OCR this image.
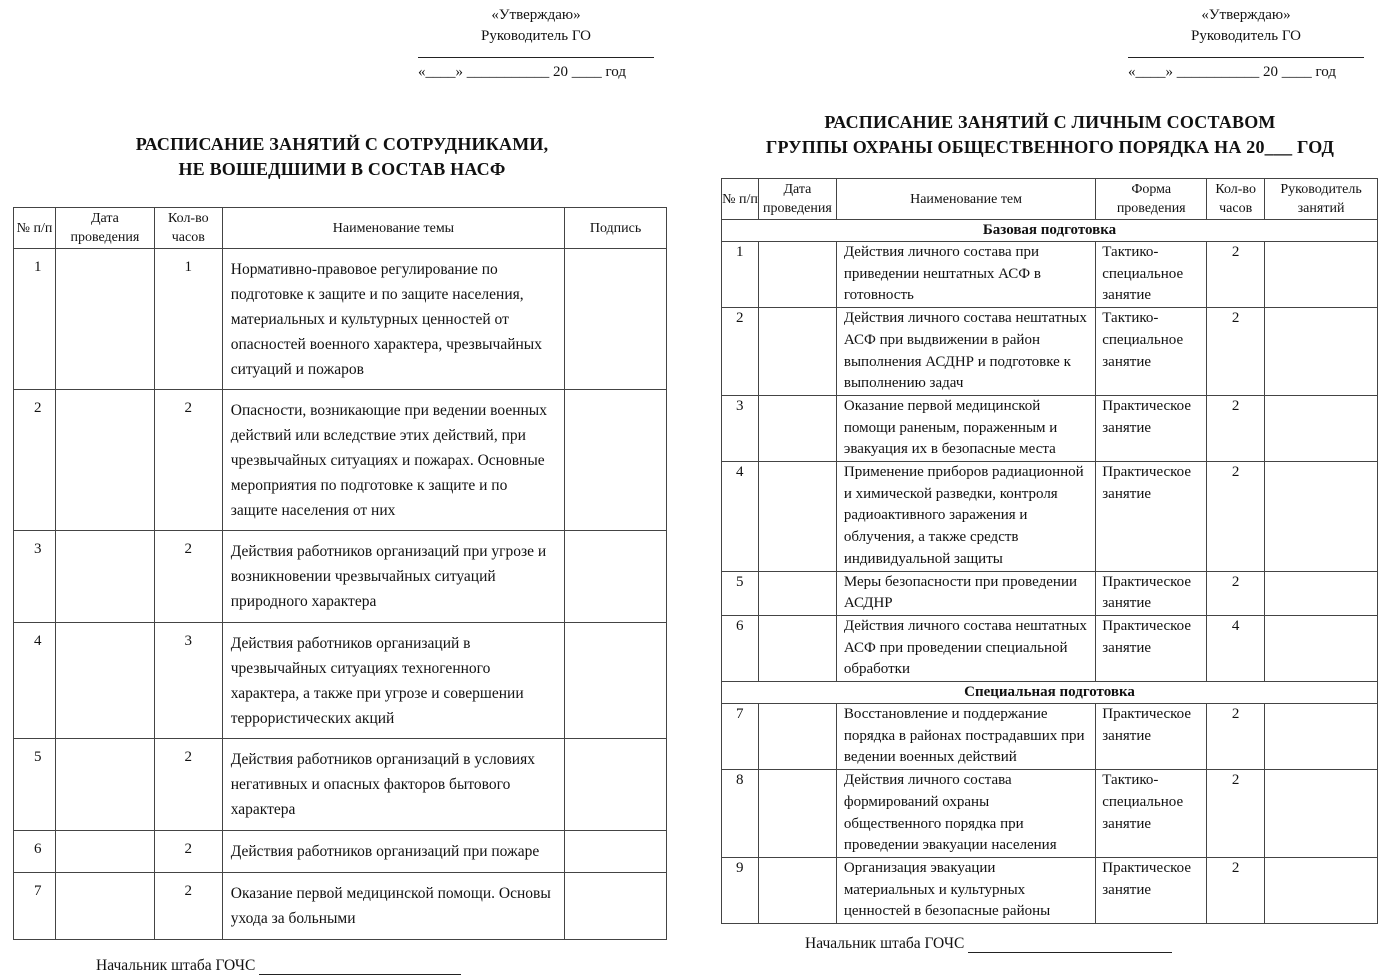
«Утверждаю»
Руководитель ГО
«____» ___________ 20 ____ год
РАСПИСАНИЕ ЗАНЯТИЙ С СОТРУДНИКАМИ,
НЕ ВОШЕДШИМИ В СОСТАВ НАСФ
№ п/п	Дата проведения	Кол-во часов	Наименование темы	Подпись
1		1	Нормативно-правовое регулирование по подготовке к защите и по защите населения, материальных и культурных ценностей от опасностей военного характера, чрезвычайных ситуаций и пожаров	
2		2	Опасности, возникающие при ведении военных действий или вследствие этих действий, при чрезвычайных ситуациях и пожарах. Основные мероприятия по подготовке к защите и по защите населения от них	
3		2	Действия работников организаций при угрозе и возникновении чрезвычайных ситуаций природного характера	
4		3	Действия работников организаций в чрезвычайных ситуациях техногенного характера, а также при угрозе и совершении террористических акций	
5		2	Действия работников организаций в условиях негативных и опасных факторов бытового характера	
6		2	Действия работников организаций при пожаре	
7		2	Оказание первой медицинской помощи. Основы ухода за больными	
Начальник штаба ГОЧС
«Утверждаю»
Руководитель ГО
«____» ___________ 20 ____ год
РАСПИСАНИЕ ЗАНЯТИЙ С ЛИЧНЫМ СОСТАВОМ
ГРУППЫ ОХРАНЫ ОБЩЕСТВЕННОГО ПОРЯДКА НА 20___ ГОД
№ п/п	Дата проведения	Наименование тем	Форма проведения	Кол-во часов	Руководитель занятий
Базовая подготовка					
1		Действия личного состава при приведении нештатных АСФ в готовность	Тактико-специальное занятие	2	
2		Действия личного состава нештатных АСФ при выдвижении в район выполнения АСДНР и подготовке к выполнению задач	Тактико-специальное занятие	2	
3		Оказание первой медицинской помощи раненым, пораженным и эвакуация их в безопасные места	Практическое занятие	2	
4		Применение приборов радиационной и химической разведки, контроля радиоактивного заражения и облучения, а также средств индивидуальной защиты	Практическое занятие	2	
5		Меры безопасности при проведении АСДНР	Практическое занятие	2	
6		Действия личного состава нештатных АСФ при проведении специальной обработки	Практическое занятие	4	
Специальная подготовка					
7		Восстановление и поддержание порядка в районах пострадавших при ведении военных действий	Практическое занятие	2	
8		Действия личного состава формирований охраны общественного порядка при проведении эвакуации населения	Тактико-специальное занятие	2	
9		Организация эвакуации материальных и культурных ценностей в безопасные районы	Практическое занятие	2	
Начальник штаба ГОЧС
